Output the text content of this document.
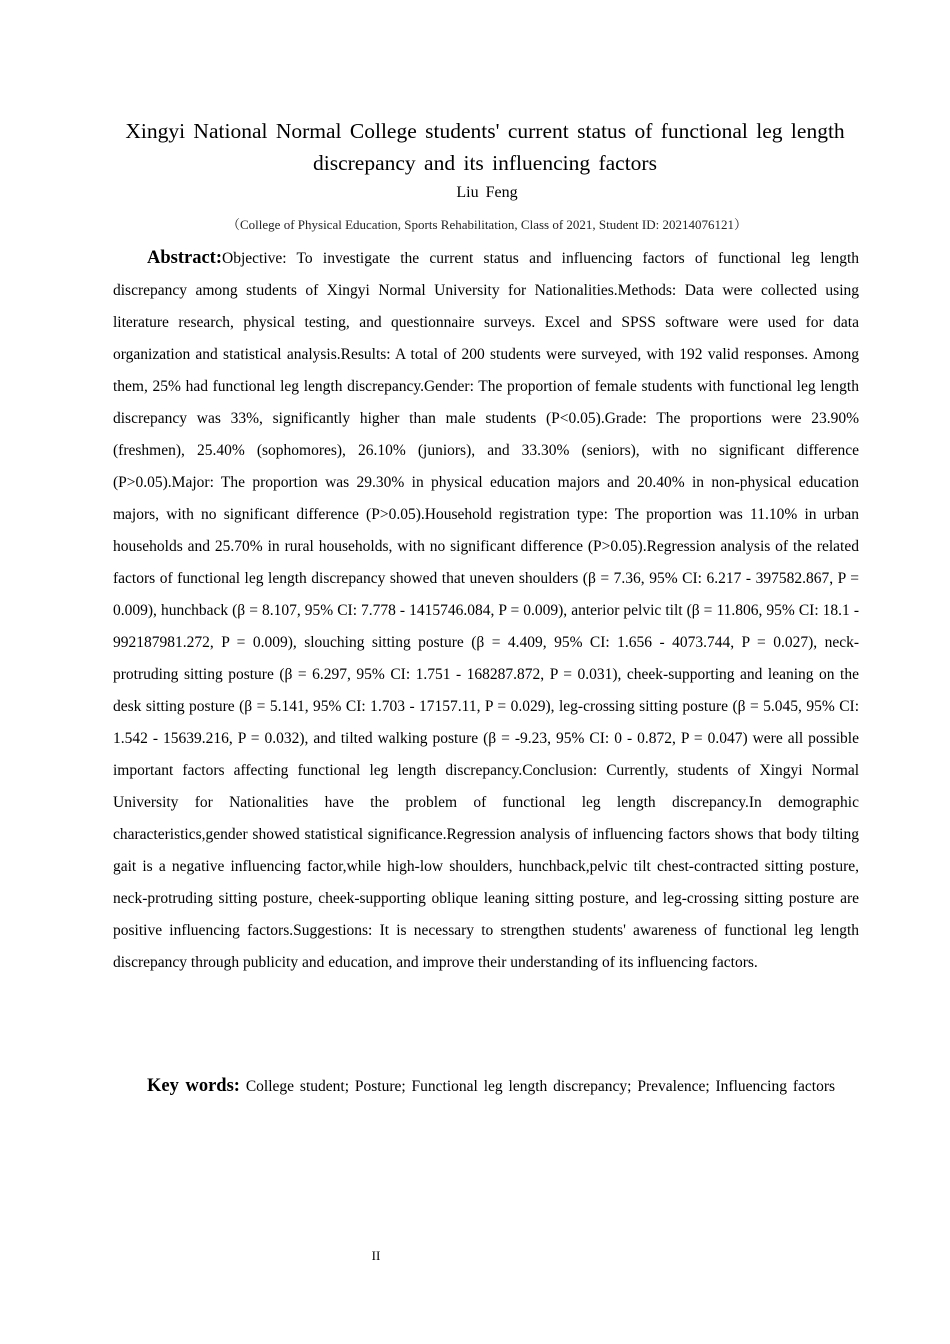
Xingyi National Normal College students' current status of functional leg length discrepancy and its influencing factors
Liu Feng
（College of Physical Education, Sports Rehabilitation, Class of 2021, Student ID: 20214076121）

Abstract:Objective: To investigate the current status and influencing factors of functional leg length discrepancy among students of Xingyi Normal University for Nationalities.Methods: Data were collected using literature research, physical testing, and questionnaire surveys. Excel and SPSS software were used for data organization and statistical analysis.Results: A total of 200 students were surveyed, with 192 valid responses. Among them, 25% had functional leg length discrepancy.Gender: The proportion of female students with functional leg length discrepancy was 33%, significantly higher than male students (P<0.05).Grade: The proportions were 23.90% (freshmen), 25.40% (sophomores), 26.10% (juniors), and 33.30% (seniors), with no significant difference (P>0.05).Major: The proportion was 29.30% in physical education majors and 20.40% in non-physical education majors, with no significant difference (P>0.05).Household registration type: The proportion was 11.10% in urban households and 25.70% in rural households, with no significant difference (P>0.05).Regression analysis of the related factors of functional leg length discrepancy showed that uneven shoulders (β = 7.36, 95% CI: 6.217 - 397582.867, P = 0.009), hunchback (β = 8.107, 95% CI: 7.778 - 1415746.084, P = 0.009), anterior pelvic tilt (β = 11.806, 95% CI: 18.1 - 992187981.272, P = 0.009), slouching sitting posture (β = 4.409, 95% CI: 1.656 - 4073.744, P = 0.027), neck-protruding sitting posture (β = 6.297, 95% CI: 1.751 - 168287.872, P = 0.031), cheek-supporting and leaning on the desk sitting posture (β = 5.141, 95% CI: 1.703 - 17157.11, P = 0.029), leg-crossing sitting posture (β = 5.045, 95% CI: 1.542 - 15639.216, P = 0.032), and tilted walking posture (β = -9.23, 95% CI: 0 - 0.872, P = 0.047) were all possible important factors affecting functional leg length discrepancy.Conclusion: Currently, students of Xingyi Normal University for Nationalities have the problem of functional leg length discrepancy.In demographic characteristics,gender showed statistical significance.Regression analysis of influencing factors shows that body tilting gait is a negative influencing factor,while high-low shoulders, hunchback,pelvic tilt chest-contracted sitting posture, neck-protruding sitting posture, cheek-supporting oblique leaning sitting posture, and leg-crossing sitting posture are positive influencing factors.Suggestions: It is necessary to strengthen students' awareness of functional leg length discrepancy through publicity and education, and improve their understanding of its influencing factors.

Key words: College student; Posture; Functional leg length discrepancy; Prevalence; Influencing factors

II
